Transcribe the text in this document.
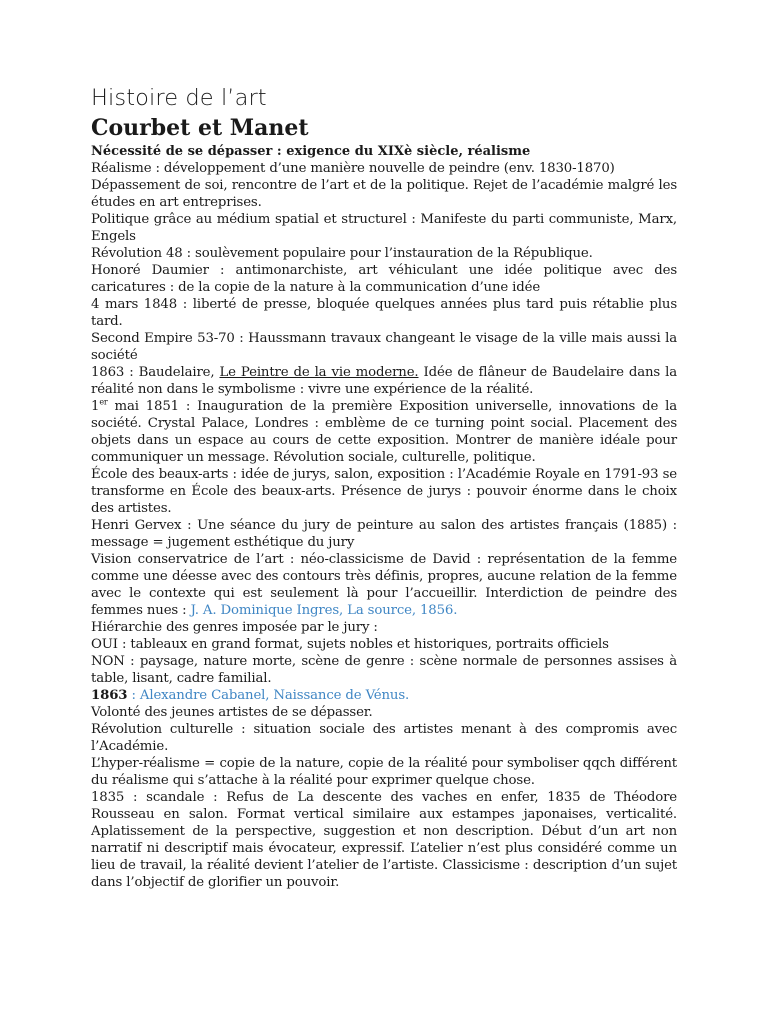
Histoire de l’art
Courbet et Manet
Nécessité de se dépasser : exigence du XIXè siècle, réalisme

Réalisme : développement d’une manière nouvelle de peindre (env. 1830-1870)

Dépassement de soi, rencontre de l’art et de la politique. Rejet de l’académie malgré les études en art entreprises.

Politique grâce au médium spatial et structurel : Manifeste du parti communiste, Marx, Engels

Révolution 48 : soulèvement populaire pour l’instauration de la République.

Honoré Daumier : antimonarchiste, art véhiculant une idée politique avec des caricatures : de la copie de la nature à la communication d’une idée

4 mars 1848 : liberté de presse, bloquée quelques années plus tard puis rétablie plus tard.

Second Empire 53-70 : Haussmann travaux changeant le visage de la ville mais aussi la société

1863 : Baudelaire, Le Peintre de la vie moderne. Idée de flâneur de Baudelaire dans la réalité non dans le symbolisme : vivre une expérience de la réalité.

1er mai 1851 : Inauguration de la première Exposition universelle, innovations de la société. Crystal Palace, Londres : emblème de ce turning point social. Placement des objets dans un espace au cours de cette exposition. Montrer de manière idéale pour communiquer un message. Révolution sociale, culturelle, politique.

École des beaux-arts : idée de jurys, salon, exposition : l’Académie Royale en 1791-93 se transforme en École des beaux-arts. Présence de jurys : pouvoir énorme dans le choix des artistes.

Henri Gervex : Une séance du jury de peinture au salon des artistes français (1885) : message = jugement esthétique du jury

Vision conservatrice de l’art : néo-classicisme de David : représentation de la femme comme une déesse avec des contours très définis, propres, aucune relation de la femme avec le contexte qui est seulement là pour l’accueillir. Interdiction de peindre des femmes nues : J. A. Dominique Ingres, La source, 1856.

Hiérarchie des genres imposée par le jury :

OUI : tableaux en grand format, sujets nobles et historiques, portraits officiels

NON : paysage, nature morte, scène de genre : scène normale de personnes assises à table, lisant, cadre familial.

1863 : Alexandre Cabanel, Naissance de Vénus.

Volonté des jeunes artistes de se dépasser.

Révolution culturelle : situation sociale des artistes menant à des compromis avec l’Académie.

L’hyper-réalisme = copie de la nature, copie de la réalité pour symboliser qqch différent du réalisme qui s’attache à la réalité pour exprimer quelque chose.

1835 : scandale : Refus de La descente des vaches en enfer, 1835 de Théodore Rousseau en salon. Format vertical similaire aux estampes japonaises, verticalité. Aplatissement de la perspective, suggestion et non description. Début d’un art non narratif ni descriptif mais évocateur, expressif. L’atelier n’est plus considéré comme un lieu de travail, la réalité devient l’atelier de l’artiste. Classicisme : description d’un sujet dans l’objectif de glorifier un pouvoir.
